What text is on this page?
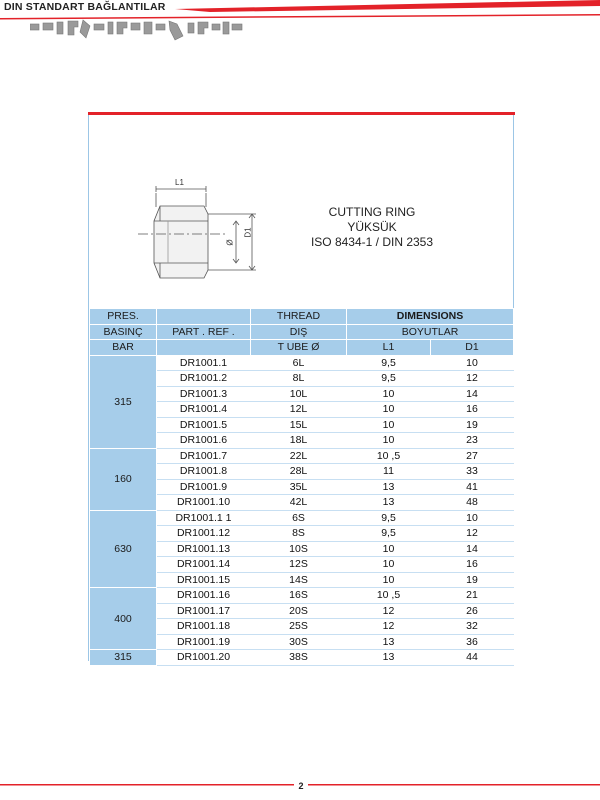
DIN STANDART BAĞLANTILAR
L1
D1
Ø
CUTTING RING
YÜKSÜK
ISO 8434-1 / DIN 2353
PRES.		THREAD	DIMENSIONS	
BASINÇ	PART . REF .	DIŞ	BOYUTLAR	
BAR		T UBE Ø	L1	D1
315	DR1001.1	6L	9,5	10
	DR1001.2	8L	9,5	12
	DR1001.3	10L	10	14
	DR1001.4	12L	10	16
	DR1001.5	15L	10	19
	DR1001.6	18L	10	23
160	DR1001.7	22L	10 ,5	27
	DR1001.8	28L	11	33
	DR1001.9	35L	13	41
	DR1001.10	42L	13	48
630	DR1001.1 1	6S	9,5	10
	DR1001.12	8S	9,5	12
	DR1001.13	10S	10	14
	DR1001.14	12S	10	16
	DR1001.15	14S	10	19
400	DR1001.16	16S	10 ,5	21
	DR1001.17	20S	12	26
	DR1001.18	25S	12	32
	DR1001.19	30S	13	36
315	DR1001.20	38S	13	44
2
